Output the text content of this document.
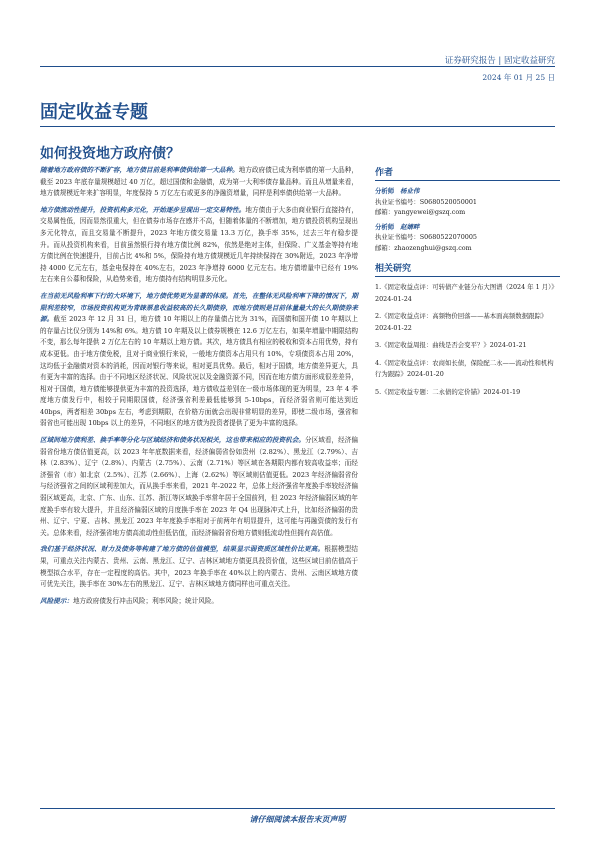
证券研究报告 | 固定收益研究
2024 年 01 月 25 日
固定收益专题
如何投资地方政府债？

随着地方政府债的不断扩容，地方债目前是利率债供给第一大品种。地方政府债已成为利率债的第一大品种，截至 2023 年底存量规模超过 40 万亿，超过国债和金融债，成为第一大利率债存量品种。而且从增量来看，地方债规模近年来扩容明显，年度保持 5 万亿左右或更多的净融资增量，同样是利率债供给第一大品种。

地方债流动性提升，投资机构多元化，开始逐步呈现出一定交易特性。地方债由于大多由商业银行直接持有，交易属性低，因而显然很重大，但在债券市场存在感并不高，但随着体量的不断增加，地方债投资机构呈现出多元化特点，而且交易量不断提升，2023 年地方债交易量 13.3 万亿，换手率 35%，过去三年有稳步提升。而从投资机构来看，目前虽然银行持有地方债比例 82%，依然是绝对主体，但保险、广义基金等持有地方债比例在快速提升，目前占比 4%和 5%，保险持有地方债规模近几年持续保持在 30%附近，2023 年净增持 4000 亿元左右，基金电保持在 40%左右，2023 年净增持 6000 亿元左右。地方债增量中已经有 19%左右来自公募和保险，从趋势来看，地方债持有结构明显多元化。

在当前无风险利率下行的大环境下，地方债优势更为显著的体现。首先，在整体无风险利率下降的情况下，期限利差较窄，市场投资机构更为青睐票息收益较高的长久期债券，而地方债则是目前体量最大的长久期债券来源。截至 2023 年 12 月 31 日，地方债 10 年期以上的存量债占比为 31%，而国债和国开债 10 年期以上的存量占比仅分别为 14%和 6%。地方债 10 年期及以上债券规模在 12.6 万亿左右，如果年增量中期限结构不变，那么每年提供 2 万亿左右的 10 年期以上地方债。其次，地方债具有相应的税收和资本占用优势，持有成本更低。由于地方债免税，且对于商业银行来说，一般地方债资本占用只有 10%，专项债资本占用 20%，这均低于金融债对资本的消耗，因而对银行等来说，相对更具优势。最后，相对于国债，地方债差异更大，具有更为丰富的选择。由于不同地区经济状况、风险状况以及金融资源不同，因而在地方债方面形成很差差异，相对于国债，地方债能够提供更为丰富的投资选择，地方债收益差别在一级市场体现的更为明显，23 年 4 季度地方债发行中，相较于同期限国债，经济强省利差最低能够到 5-10bps，而经济弱省则可能达到近 40bps，两者相差 30bps 左右，考虑到期限，在价格方面就会出现非常明显的差异，即使二级市场，强省和弱省也可能出现 10bps 以上的差异，不同地区的地方债为投资者提供了更为丰富的选择。

区域间地方债利差、换手率等分化与区域经济和债务状况相关，这也带来相应的投资机会。分区域看，经济偏弱省份地方债估值更高，以 2023 年年底数据来看，经济偏弱省份如贵州（2.82%）、黑龙江（2.79%）、吉林（2.83%）、辽宁（2.8%）、内蒙古（2.75%）、云南（2.71%）等区域在各期限内都有较高收益率；而经济强省（市）如北京（2.5%）、江苏（2.66%）、上海（2.62%）等区域则估值更低。2023 年经济偏弱省份与经济强省之间的区域利差加大，而从换手率来看，2021 年-2022 年，总体上经济强省年度换手率较经济偏弱区域更高，北京、广东、山东、江苏、浙江等区域换手率常年居于全国前列，但 2023 年经济偏弱区域的年度换手率有较大提升，并且经济偏弱区域的月度换手率在 2023 年 Q4 出现脉冲式上升，比如经济偏弱的贵州、辽宁、宁夏、吉林、黑龙江 2023 年年度换手率相对于前两年有明显提升，这可能与再融资债的发行有关。总体来看，经济强省地方债高流动性但低估值，而经济偏弱省份地方债则低流动性但拥有高估值。

我们基于经济状况、财力及债务等构建了地方债的估值模型，结果显示弱资质区域性价比更高。根据模型结果，可重点关注内蒙古、贵州、云南、黑龙江、辽宁、吉林区域地方债更具投资价值，这些区域目前估值高于模型拟合水平，存在一定程度的高估。其中，2023 年换手率在 40%以上的内蒙古、贵州、云南区域地方债可优先关注，换手率在 30%左右的黑龙江、辽宁、吉林区域地方债同样也可重点关注。

风险提示：地方政府债发行冲击风险；利率风险；统计风险。

作者
分析师 杨业伟
执业证书编号：S0680520050001
邮箱：yangyewei@gszq.com
分析师 赵婧畔
执业证书编号：S0680522070005
邮箱：zhaozenghui@gszq.com
相关研究
1.《固定收益点评：可转债产业链分布大图谱（2024 年 1 月）》2024-01-24
2.《固定收益点评：高频物价回落——基本面高频数据跟踪》2024-01-22
3.《固定收益周报：曲线是否会变平？》2024-01-21
4.《固定收益点评：农商如长债，保险配二永——流动性和机构行为跟踪》2024-01-20
5.《固定收益专题：二永债的定价锚》2024-01-19
请仔细阅读本报告末页声明
